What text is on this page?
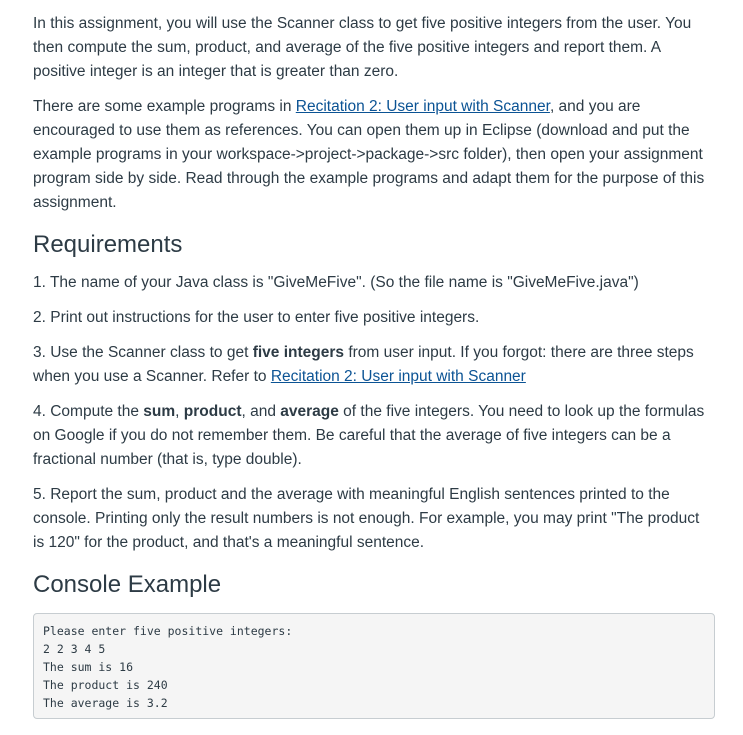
In this assignment, you will use the Scanner class to get five positive integers from the user. You then compute the sum, product, and average of the five positive integers and report them. A positive integer is an integer that is greater than zero.

There are some example programs in Recitation 2: User input with Scanner, and you are encouraged to use them as references. You can open them up in Eclipse (download and put the example programs in your workspace->project->package->src folder), then open your assignment program side by side. Read through the example programs and adapt them for the purpose of this assignment.

Requirements

1. The name of your Java class is "GiveMeFive". (So the file name is "GiveMeFive.java")

2. Print out instructions for the user to enter five positive integers.

3. Use the Scanner class to get five integers from user input. If you forgot: there are three steps when you use a Scanner. Refer to Recitation 2: User input with Scanner

4. Compute the sum, product, and average of the five integers. You need to look up the formulas on Google if you do not remember them. Be careful that the average of five integers can be a fractional number (that is, type double).

5. Report the sum, product and the average with meaningful English sentences printed to the console. Printing only the result numbers is not enough. For example, you may print "The product is 120" for the product, and that's a meaningful sentence.

Console Example
Please enter five positive integers:
2 2 3 4 5
The sum is 16
The product is 240
The average is 3.2
